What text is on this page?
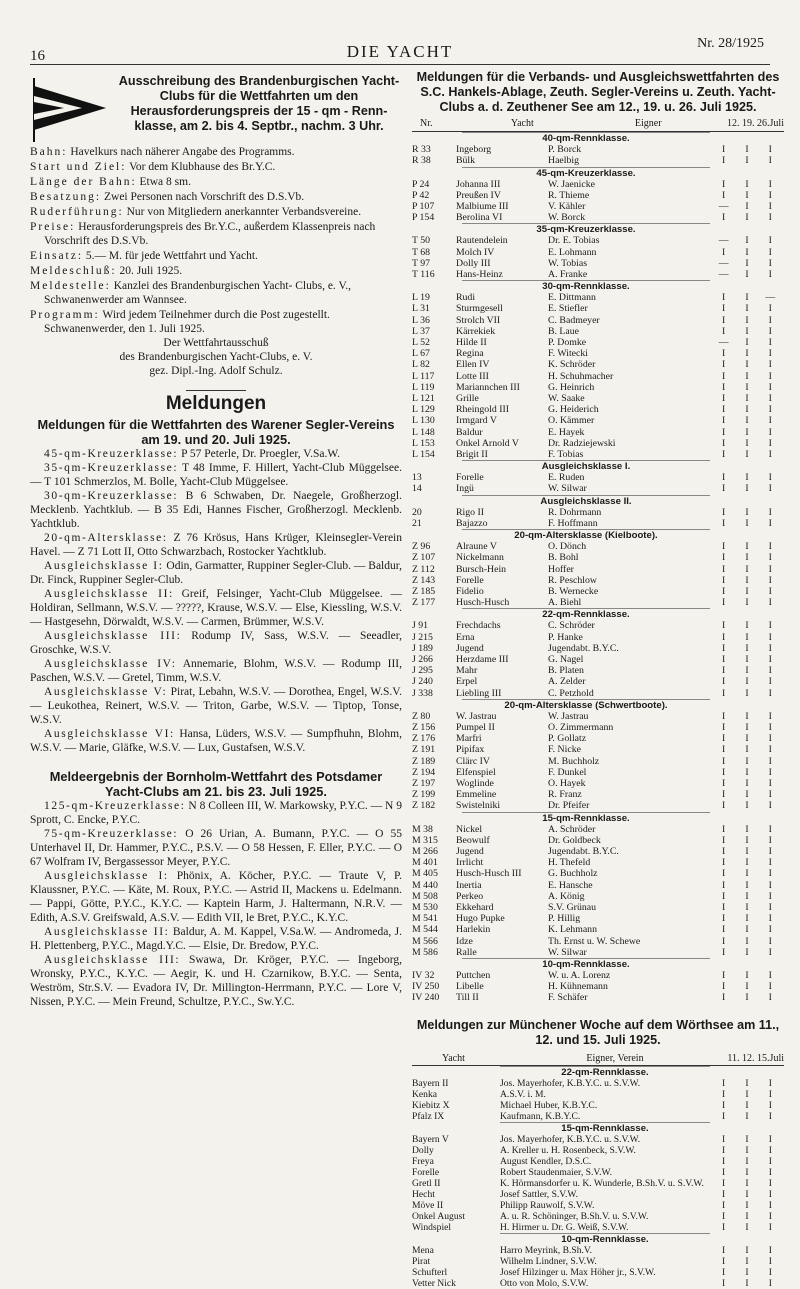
16	DIE YACHT	Nr. 28/1925
Ausschreibung des Brandenburgischen Yacht-Clubs für die Wettfahrten um den Herausforderungspreis der 15 - qm - Renn- klasse, am 2. bis 4. Septbr., nachm. 3 Uhr.
Bahn: Havelkurs nach näherer Angabe des Programms.
Start und Ziel: Vor dem Klubhause des Br.Y.C.
Länge der Bahn: Etwa 8 sm.
Besatzung: Zwei Personen nach Vorschrift des D.S.Vb.
Ruderführung: Nur von Mitgliedern anerkannter Verbandsvereine.
Preise: Herausforderungspreis des Br.Y.C., außerdem Klassenpreis nach Vorschrift des D.S.Vb.
Einsatz: 5.— M. für jede Wettfahrt und Yacht.
Meldeschluß: 20. Juli 1925.
Meldestelle: Kanzlei des Brandenburgischen Yacht- Clubs, e. V., Schwanenwerder am Wannsee.
Programm: Wird jedem Teilnehmer durch die Post zugestellt.
Schwanenwerder, den 1. Juli 1925.
Der Wettfahrtausschuß
des Brandenburgischen Yacht-Clubs, e. V.
gez. Dipl.-Ing. Adolf Schulz.
Meldungen
Meldungen für die Wettfahrten des Warener Segler-Vereins am 19. und 20. Juli 1925.
45-qm-Kreuzerklasse: P 57 Peterle, Dr. Proegler, V.Sa.W.
35-qm-Kreuzerklasse: T 48 Imme, F. Hillert, Yacht-Club Müggelsee. — T 101 Schmerzlos, M. Bolle, Yacht-Club Müggelsee.
30-qm-Kreuzerklasse: B 6 Schwaben, Dr. Naegele, Großherzogl. Mecklenb. Yachtklub. — B 35 Edi, Hannes Fischer, Großherzogl. Mecklenb. Yachtklub.
20-qm-Altersklasse: Z 76 Krösus, Hans Krüger, Kleinsegler-Verein Havel. — Z 71 Lott II, Otto Schwarzbach, Rostocker Yachtklub.
Ausgleichsklasse I: Odin, Garmatter, Ruppiner Segler-Club. — Baldur, Dr. Finck, Ruppiner Segler-Club.
Ausgleichsklasse II: Greif, Felsinger, Yacht-Club Müggelsee. — Holdiran, Sellmann, W.S.V. — ?????, Krause, W.S.V. — Else, Kiessling, W.S.V. — Hastgesehn, Dörwaldt, W.S.V. — Carmen, Brümmer, W.S.V.
Ausgleichsklasse III: Rodump IV, Sass, W.S.V. — Seeadler, Groschke, W.S.V.
Ausgleichsklasse IV: Annemarie, Blohm, W.S.V. — Rodump III, Paschen, W.S.V. — Gretel, Timm, W.S.V.
Ausgleichsklasse V: Pirat, Lebahn, W.S.V. — Dorothea, Engel, W.S.V. — Leukothea, Reinert, W.S.V. — Triton, Garbe, W.S.V. — Tiptop, Tonse, W.S.V.
Ausgleichsklasse VI: Hansa, Lüders, W.S.V. — Sumpfhuhn, Blohm, W.S.V. — Marie, Gläfke, W.S.V. — Lux, Gustafsen, W.S.V.
Meldeergebnis der Bornholm-Wettfahrt des Potsdamer Yacht-Clubs am 21. bis 23. Juli 1925.
125-qm-Kreuzerklasse: N 8 Colleen III, W. Markowsky, P.Y.C. — N 9 Sprott, C. Encke, P.Y.C.
75-qm-Kreuzerklasse: O 26 Urian, A. Bumann, P.Y.C. — O 55 Unterhavel II, Dr. Hammer, P.Y.C., P.S.V. — O 58 Hessen, F. Eller, P.Y.C. — O 67 Wolfram IV, Bergassessor Meyer, P.Y.C.
Ausgleichsklasse I: Phönix, A. Köcher, P.Y.C. — Traute V, P. Klaussner, P.Y.C. — Käte, M. Roux, P.Y.C. — Astrid II, Mackens u. Edelmann. — Pappi, Götte, P.Y.C., K.Y.C. — Kaptein Harm, J. Haltermann, N.R.V. — Edith, A.S.V. Greifswald, A.S.V. — Edith VII, le Bret, P.Y.C., K.Y.C.
Ausgleichsklasse II: Baldur, A. M. Kappel, V.Sa.W. — Andromeda, J. H. Plettenberg, P.Y.C., Magd.Y.C. — Elsie, Dr. Bredow, P.Y.C.
Ausgleichsklasse III: Swawa, Dr. Kröger, P.Y.C. — Ingeborg, Wronsky, P.Y.C., K.Y.C. — Aegir, K. und H. Czarnikow, B.Y.C. — Senta, Weström, Str.S.V. — Evadora IV, Dr. Millington-Herrmann, P.Y.C. — Lore V, Nissen, P.Y.C. — Mein Freund, Schultze, P.Y.C., Sw.Y.C.
Meldungen für die Verbands- und Ausgleichswettfahrten des S.C. Hankels-Ablage, Zeuth. Segler-Vereins u. Zeuth. Yacht-Clubs a. d. Zeuthener See am 12., 19. u. 26. Juli 1925.
Nr.	Yacht	Eigner	12. 19. 26.Juli
40-qm-Rennklasse.
R 33	Ingeborg	P. Borck	I	I	I
R 38	Bülk	Haelbig	I	I	I
45-qm-Kreuzerklasse.
P 24	Johanna III	W. Jaenicke	I	I	I
P 42	Preußen IV	R. Thieme	I	I	I
P 107	Malbiume III	V. Kähler	—	I	I
P 154	Berolina VI	W. Borck	I	I	I
35-qm-Kreuzerklasse.
T 50	Rautendelein	Dr. E. Tobias	—	I	I
T 68	Molch IV	E. Lohmann	I	I	I
T 97	Dolly III	W. Tobias	—	I	I
T 116	Hans-Heinz	A. Franke	—	I	I
30-qm-Rennklasse.
L 19	Rudi	E. Dittmann	I	I	—
L 31	Sturmgesell	E. Stiefler	I	I	I
L 36	Strolch VII	C. Badmeyer	I	I	I
L 37	Kärrekiek	B. Laue	I	I	I
L 52	Hilde II	P. Domke	—	I	I
L 67	Regina	F. Witecki	I	I	I
L 82	Ellen IV	K. Schröder	I	I	I
L 117	Lotte III	H. Schuhmacher	I	I	I
L 119	Mariannchen III	G. Heinrich	I	I	I
L 121	Grille	W. Saake	I	I	I
L 129	Rheingold III	G. Heiderich	I	I	I
L 130	Irmgard V	O. Kämmer	I	I	I
L 148	Baldur	E. Hayek	I	I	I
L 153	Onkel Arnold V	Dr. Radziejewski	I	I	I
L 154	Brigit II	F. Tobias	I	I	I
Ausgleichsklasse I.
13	Forelle	E. Ruden	I	I	I
14	Ingü	W. Silwar	I	I	I
Ausgleichsklasse II.
20	Rigo II	R. Dohrmann	I	I	I
21	Bajazzo	F. Hoffmann	I	I	I
20-qm-Altersklasse (Kielboote).
Z 96	Alraune V	O. Dönch	I	I	I
Z 107	Nickelmann	B. Bohl	I	I	I
Z 112	Bursch-Hein	Hoffer	I	I	I
Z 143	Forelle	R. Peschlow	I	I	I
Z 185	Fidelio	B. Wernecke	I	I	I
Z 177	Husch-Husch	A. Biehl	I	I	I
22-qm-Rennklasse.
J 91	Frechdachs	C. Schröder	I	I	I
J 215	Erna	P. Hanke	I	I	I
J 189	Jugend	Jugendabt. B.Y.C.	I	I	I
J 266	Herzdame III	G. Nagel	I	I	I
J 295	Mahr	B. Platen	I	I	I
J 240	Erpel	A. Zelder	I	I	I
J 338	Liebling III	C. Petzhold	I	I	I
20-qm-Altersklasse (Schwertboote).
Z 80	W. Jastrau	W. Jastrau	I	I	I
Z 156	Pumpel II	O. Zimmermann	I	I	I
Z 176	Marfri	P. Gollatz	I	I	I
Z 191	Pipifax	F. Nicke	I	I	I
Z 189	Clärc IV	M. Buchholz	I	I	I
Z 194	Elfenspiel	F. Dunkel	I	I	I
Z 197	Woglinde	O. Hayek	I	I	I
Z 199	Emmeline	R. Franz	I	I	I
Z 182	Swistelniki	Dr. Pfeifer	I	I	I
15-qm-Rennklasse.
M 38	Nickel	A. Schröder	I	I	I
M 315	Beowulf	Dr. Goldbeck	I	I	I
M 266	Jugend	Jugendabt. B.Y.C.	I	I	I
M 401	Irrlicht	H. Thefeld	I	I	I
M 405	Husch-Husch III	G. Buchholz	I	I	I
M 440	Inertia	E. Hansche	I	I	I
M 508	Perkeo	A. König	I	I	I
M 530	Ekkehard	S.V. Grünau	I	I	I
M 541	Hugo Pupke	P. Hillig	I	I	I
M 544	Harlekin	K. Lehmann	I	I	I
M 566	Idze	Th. Ernst u. W. Schewe	I	I	I
M 586	Ralle	W. Silwar	I	I	I
10-qm-Rennklasse.
IV 32	Puttchen	W. u. A. Lorenz	I	I	I
IV 250	Libelle	H. Kühnemann	I	I	I
IV 240	Till II	F. Schäfer	I	I	I
Meldungen zur Münchener Woche auf dem Wörthsee am 11., 12. und 15. Juli 1925.
Yacht	Eigner, Verein	11. 12. 15.Juli
22-qm-Rennklasse.
Bayern II	Jos. Mayerhofer, K.B.Y.C. u. S.V.W.	I	I	I
Kenka	A.S.V. i. M.	I	I	I
Kiebitz X	Michael Huber, K.B.Y.C.	I	I	I
Pfalz IX	Kaufmann, K.B.Y.C.	I	I	I
15-qm-Rennklasse.
Bayern V	Jos. Mayerhofer, K.B.Y.C. u. S.V.W.	I	I	I
Dolly	A. Kreller u. H. Rosenbeck, S.V.W.	I	I	I
Freya	August Kendler, D.S.C.	I	I	I
Forelle	Robert Staudenmaier, S.V.W.	I	I	I
Gretl II	K. Hörmansdorfer u. K. Wunderle, B.Sh.V. u. S.V.W.	I	I	I
Hecht	Josef Sattler, S.V.W.	I	I	I
Möve II	Philipp Rauwolf, S.V.W.	I	I	I
Onkel August	A. u. R. Schöninger, B.Sh.V. u. S.V.W.	I	I	I
Windspiel	H. Hirmer u. Dr. G. Weiß, S.V.W.	I	I	I
10-qm-Rennklasse.
Mena	Harro Meyrink, B.Sh.V.	I	I	I
Pirat	Wilhelm Lindner, S.V.W.	I	I	I
Schufterl	Josef Hilzinger u. Max Höher jr., S.V.W.	I	I	I
Vetter Nick	Otto von Molo, S.V.W.	I	I	I
